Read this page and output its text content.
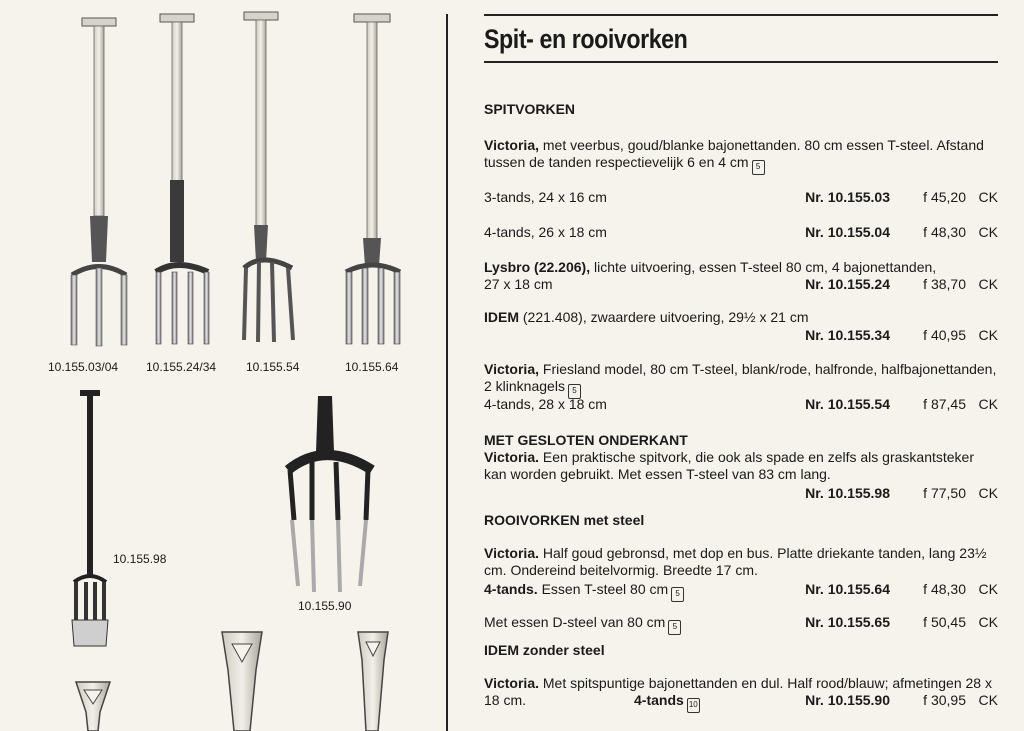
10.155.03/04 10.155.24/34 10.155.54	10.155.64
10.155.98
10.155.90
Spit- en rooivorken
SPITVORKEN
Victoria, met veerbus, goud/blanke bajonettanden. 80 cm essen T-steel. Afstand tussen de tanden respectievelijk 6 en 4 cm 5
3-tands, 24 x 16 cm	Nr. 10.155.03 f 45,20 CK
4-tands, 26 x 18 cm	Nr. 10.155.04 f 48,30 CK
Lysbro (22.206), lichte uitvoering, essen T-steel 80 cm, 4 bajonettanden,
27 x 18 cm	Nr. 10.155.24 f 38,70 CK
IDEM (221.408), zwaardere uitvoering, 29½ x 21 cm
Nr. 10.155.34 f 40,95 CK
Victoria, Friesland model, 80 cm T-steel, blank/rode, halfronde, halfbajonettanden, 2 klinknagels 5
4-tands, 28 x 18 cm	Nr. 10.155.54 f 87,45 CK
MET GESLOTEN ONDERKANT
Victoria. Een praktische spitvork, die ook als spade en zelfs als graskantsteker kan worden gebruikt. Met essen T-steel van 83 cm lang.
Nr. 10.155.98 f 77,50 CK
ROOIVORKEN met steel
Victoria. Half goud gebronsd, met dop en bus. Platte driekante tanden, lang 23½ cm. Ondereind beitelvormig. Breedte 17 cm.
4-tands. Essen T-steel 80 cm 5	Nr. 10.155.64 f 48,30 CK
Met essen D-steel van 80 cm 5	Nr. 10.155.65 f 50,45 CK
IDEM zonder steel
Victoria. Met spitspuntige bajonettanden en dul. Half rood/blauw; afmetingen 28 x 18 cm.	4-tands 10	Nr. 10.155.90 f 30,95 CK
